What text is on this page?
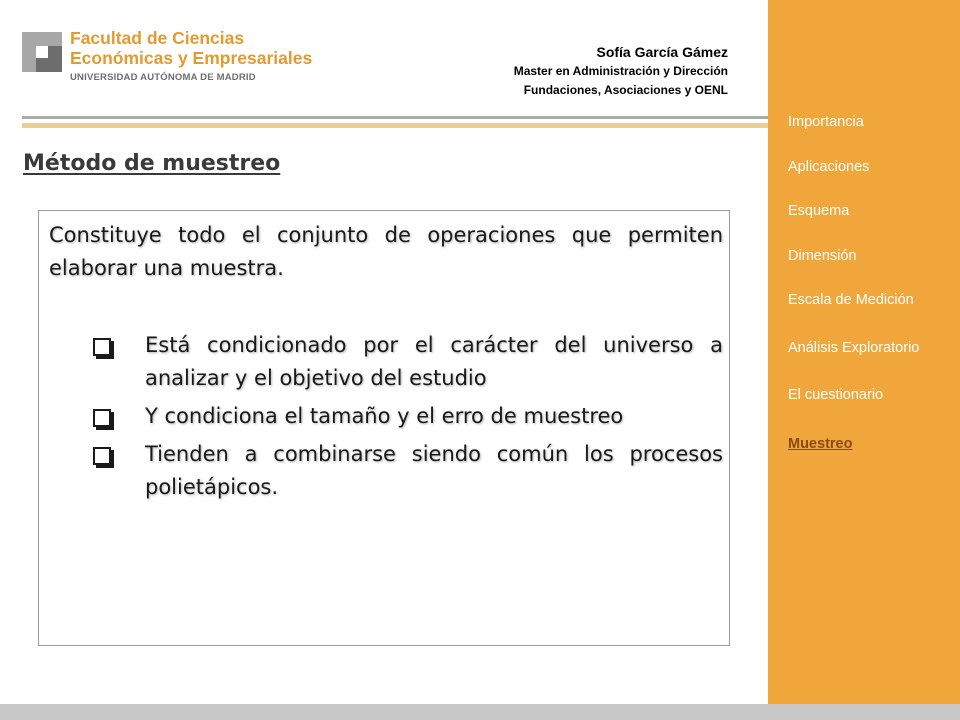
Facultad de Ciencias
Económicas y Empresariales
UNIVERSIDAD AUTÓNOMA DE MADRID
Sofía García Gámez
Master en Administración y Dirección
Fundaciones, Asociaciones y OENL
Método de muestreo
Constituye todo el conjunto de operaciones que permiten elaborar una muestra.
Está condicionado por el carácter del universo a analizar y el objetivo del estudio
Y condiciona el tamaño y el erro de muestreo
Tienden a combinarse siendo común los procesos polietápicos.
Importancia
Aplicaciones
Esquema
Dimensión
Escala de Medición
Análisis Exploratorio
El cuestionario
Muestreo
